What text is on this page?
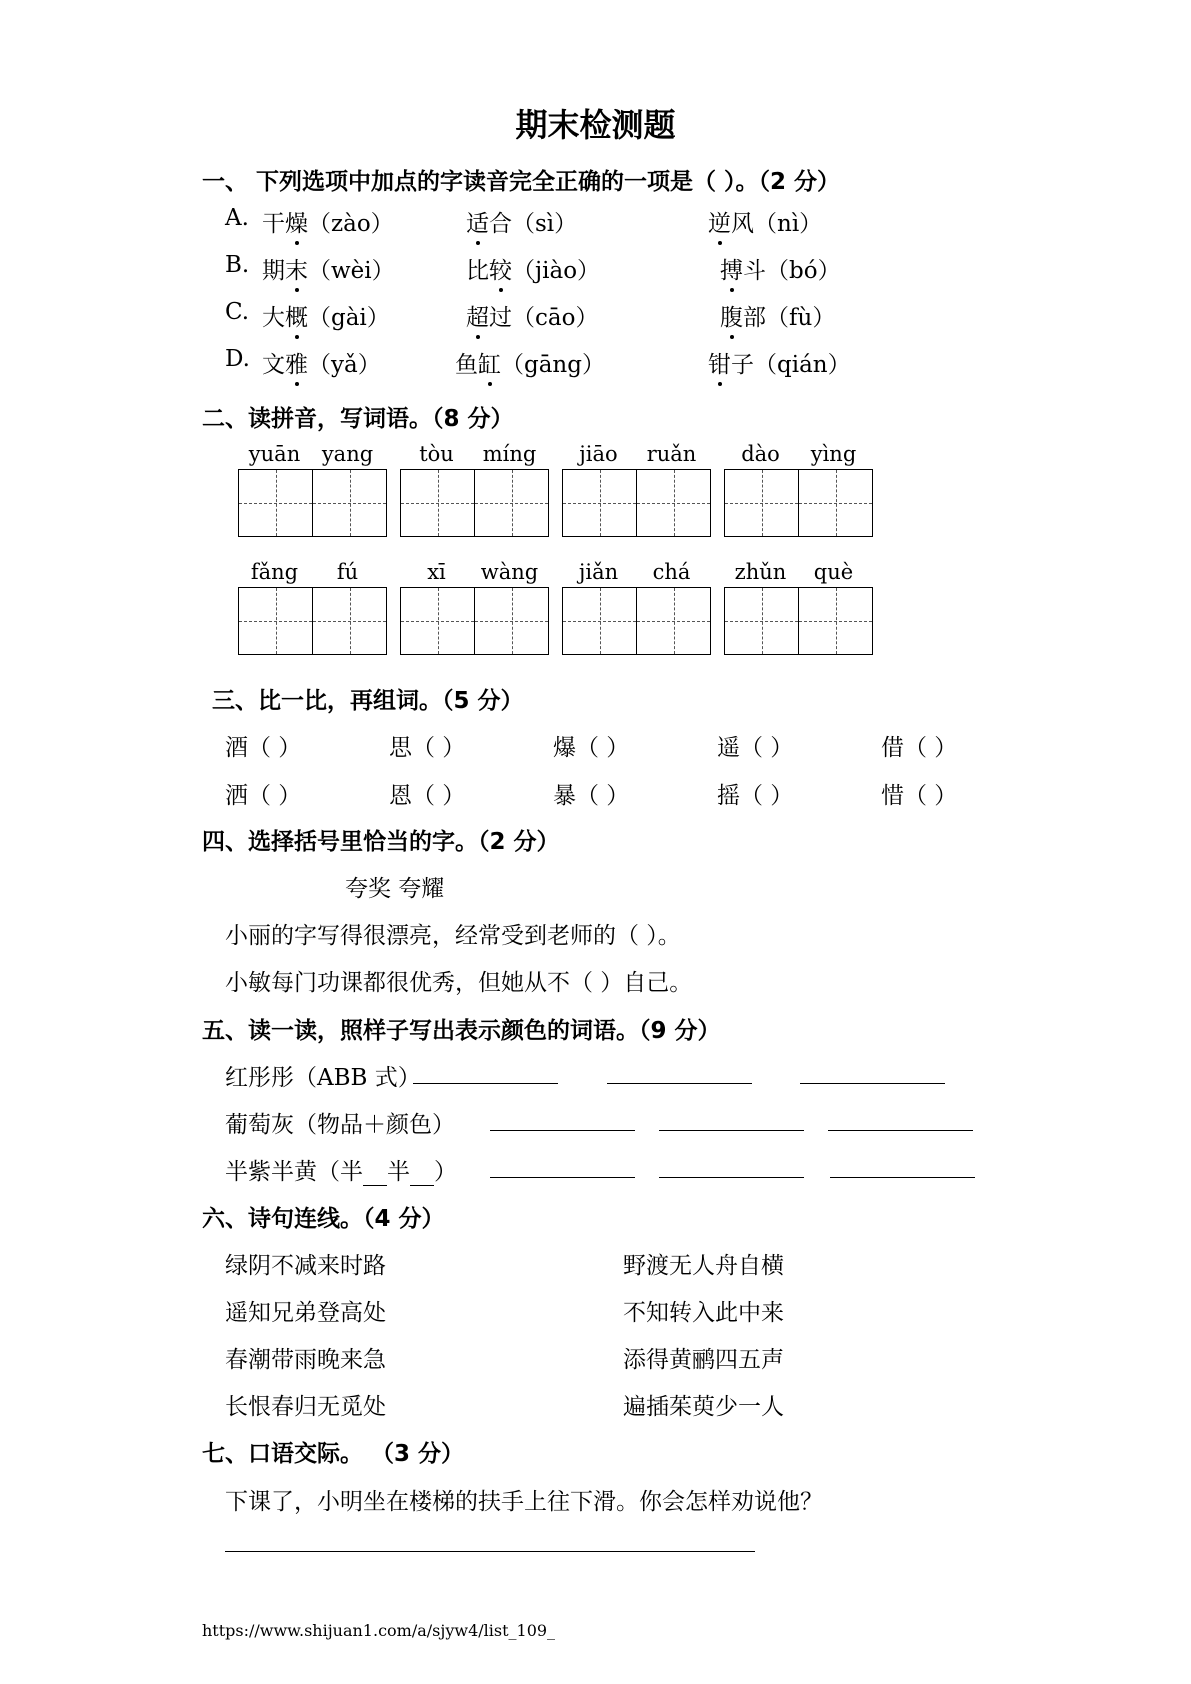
期末检测题
一、 下列选项中加点的字读音完全正确的一项是（ ）。（2 分）
A. 干燥（zào）	适合（sì）	逆风（nì）
B. 期末（wèi）	比较（jiào）	搏斗（bó）
C. 大概（gài）	超过（cāo）	腹部（fù）
D. 文雅（yǎ）	鱼缸（gāng）	钳子（qián）
二、读拼音，写词语。（8 分）
yuān	yang	tòu	míng	jiāo	ruǎn	dào	yìng
fǎng	fú	xī	wàng	jiǎn	chá	zhǔn	què
三、比一比，再组词。（5 分）
酒（ ）	思（ ）	爆（ ）	遥（ ）	借（ ）
洒（ ）	恩（ ）	暴（ ）	摇（ ）	惜（ ）
四、选择括号里恰当的字。（2 分）
夸奖 夸耀
小丽的字写得很漂亮，经常受到老师的（ ）。
小敏每门功课都很优秀，但她从不（ ）自己。
五、读一读，照样子写出表示颜色的词语。（9 分）
红彤彤（ABB 式）
葡萄灰（物品＋颜色）
半紫半黄（半 半 ）
六、诗句连线。（4 分）
绿阴不减来时路	野渡无人舟自横
遥知兄弟登高处	不知转入此中来
春潮带雨晚来急	添得黄鹂四五声
长恨春归无觅处	遍插茱萸少一人
七、口语交际。 （3 分）
下课了，小明坐在楼梯的扶手上往下滑。你会怎样劝说他？
https://www.shijuan1.com/a/sjyw4/list_109_
